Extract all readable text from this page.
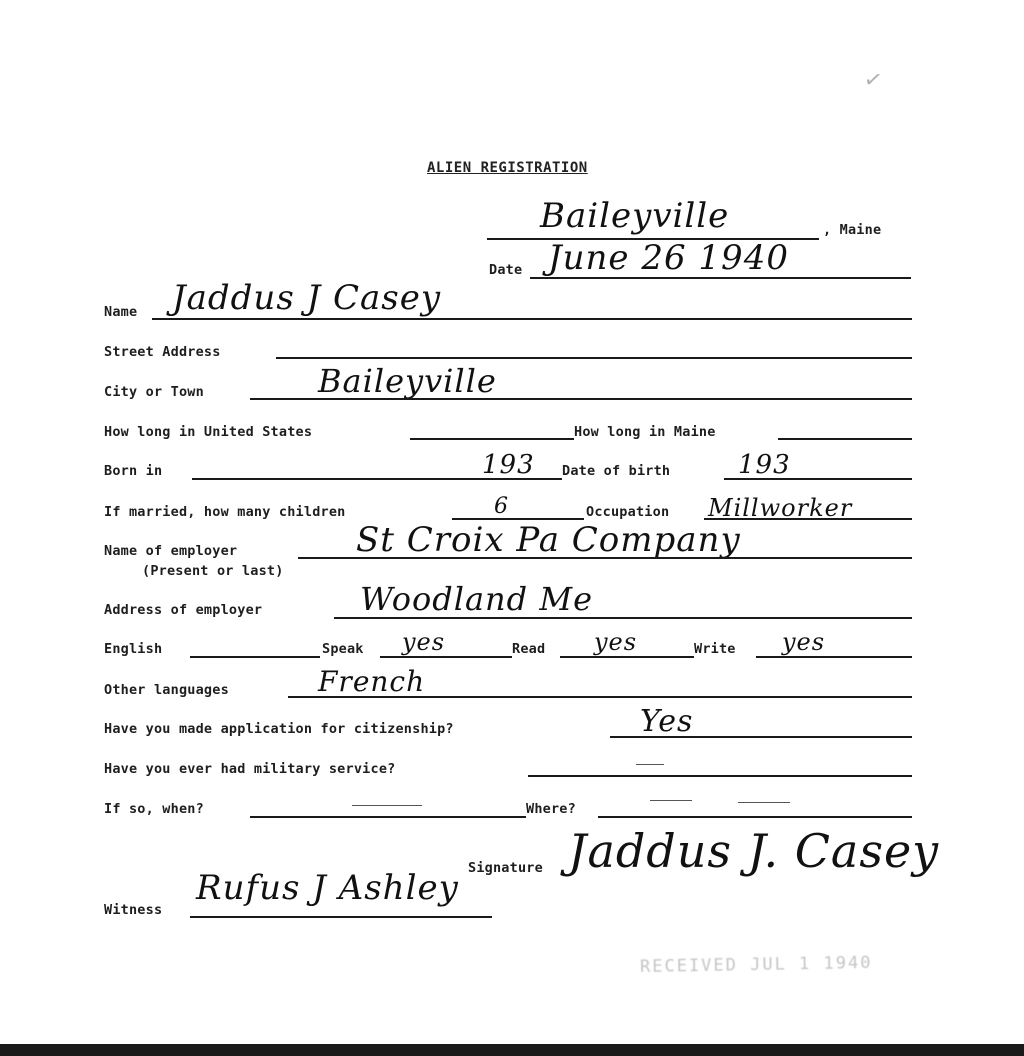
✓
ALIEN REGISTRATION
Baileyville	, Maine
Date June 26 1940
Name Jaddus J Casey
Street Address
City or Town	Baileyville
How long in United States	How long in Maine
Born in	193 Date of birth	193
If married, how many children	6	Occupation Millworker
Name of employer	St Croix Pa Company
(Present or last)
Address of employer	Woodland Me
English	Speak yes	Read yes	Write yes
Other languages	French
Have you made application for citizenship?	Yes
Have you ever had military service?
If so, when?	Where?
Signature Jaddus J. Casey
Witness
Rufus J Ashley
RECEIVED JUL 1 1940
